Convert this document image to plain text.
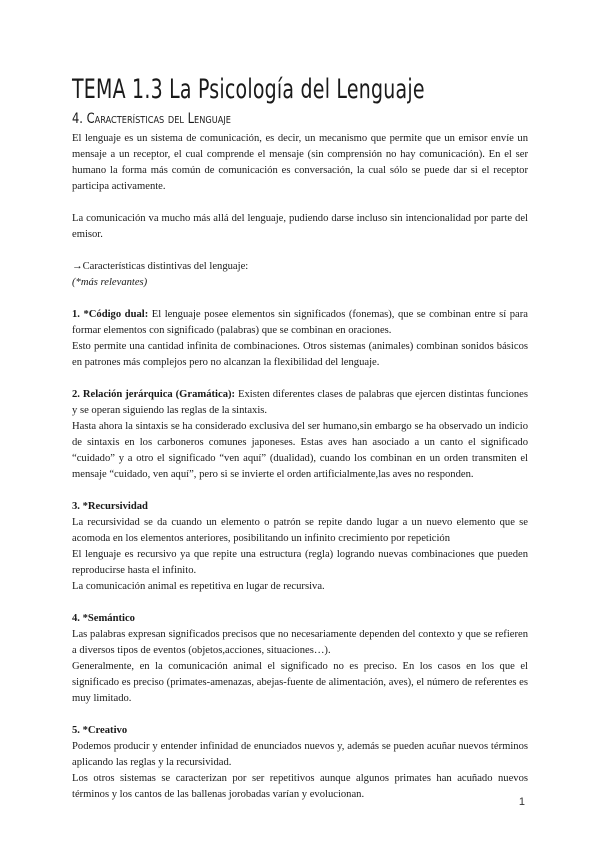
TEMA 1.3 La Psicología del Lenguaje
4. Características del Lenguaje

El lenguaje es un sistema de comunicación, es decir, un mecanismo que permite que un emisor envíe un mensaje a un receptor, el cual comprende el mensaje (sin comprensión no hay comunicación). En el ser humano la forma más común de comunicación es conversación, la cual sólo se puede dar si el receptor participa activamente.

La comunicación va mucho más allá del lenguaje, pudiendo darse incluso sin intencionalidad por parte del emisor.

→Características distintivas del lenguaje:

(*más relevantes)

1. *Código dual: El lenguaje posee elementos sin significados (fonemas), que se combinan entre sí para formar elementos con significado (palabras) que se combinan en oraciones.

Esto permite una cantidad infinita de combinaciones. Otros sistemas (animales) combinan sonidos básicos en patrones más complejos pero no alcanzan la flexibilidad del lenguaje.

2. Relación jerárquica (Gramática): Existen diferentes clases de palabras que ejercen distintas funciones y se operan siguiendo las reglas de la sintaxis.

Hasta ahora la sintaxis se ha considerado exclusiva del ser humano,sin embargo se ha observado un indicio de sintaxis en los carboneros comunes japoneses. Estas aves han asociado a un canto el significado “cuidado” y a otro el significado “ven aquí” (dualidad), cuando los combinan en un orden transmiten el mensaje “cuidado, ven aquí”, pero si se invierte el orden artificialmente,las aves no responden.

3. *Recursividad

La recursividad se da cuando un elemento o patrón se repite dando lugar a un nuevo elemento que se acomoda en los elementos anteriores, posibilitando un infinito crecimiento por repetición

El lenguaje es recursivo ya que repite una estructura (regla) logrando nuevas combinaciones que pueden reproducirse hasta el infinito.

La comunicación animal es repetitiva en lugar de recursiva.

4. *Semántico

Las palabras expresan significados precisos que no necesariamente dependen del contexto y que se refieren a diversos tipos de eventos (objetos,acciones, situaciones…).

Generalmente, en la comunicación animal el significado no es preciso. En los casos en los que el significado es preciso (primates-amenazas, abejas-fuente de alimentación, aves), el número de referentes es muy limitado.

5. *Creativo

Podemos producir y entender infinidad de enunciados nuevos y, además se pueden acuñar nuevos términos aplicando las reglas y la recursividad.

Los otros sistemas se caracterizan por ser repetitivos aunque algunos primates han acuñado nuevos términos y los cantos de las ballenas jorobadas varían y evolucionan.

1
